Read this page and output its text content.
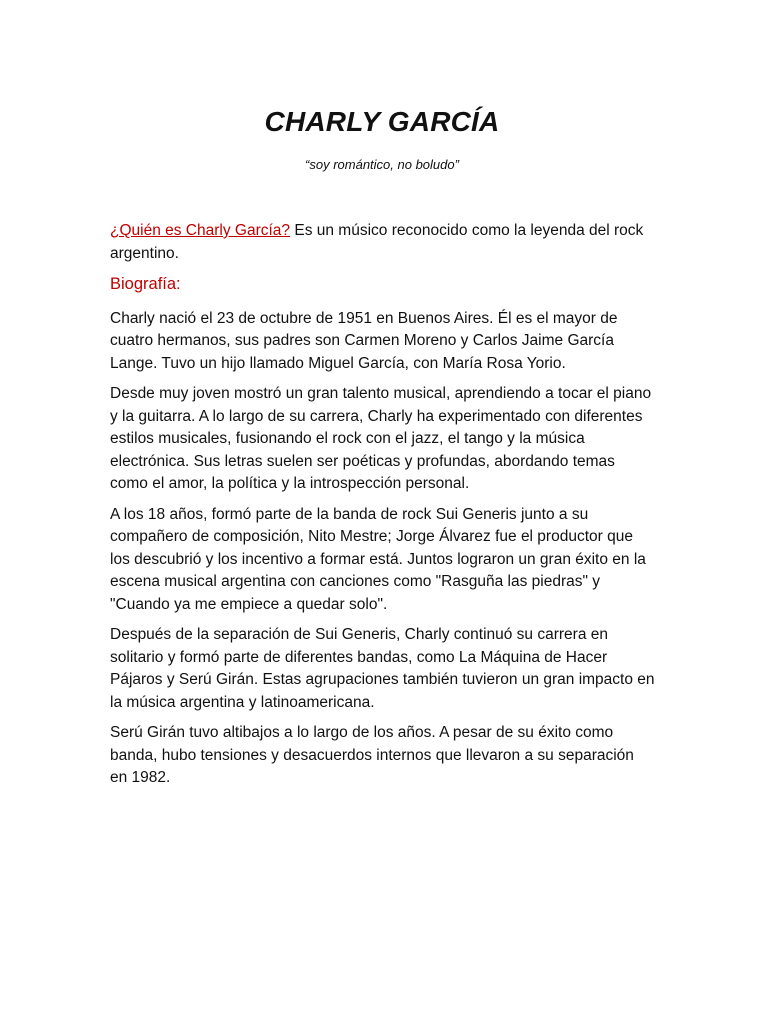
CHARLY GARCÍA
“soy romántico, no boludo”

¿Quién es Charly García? Es un músico reconocido como la leyenda del rock argentino.

Biografía:

Charly nació el 23 de octubre de 1951 en Buenos Aires. Él es el mayor de cuatro hermanos, sus padres son Carmen Moreno y Carlos Jaime García Lange. Tuvo un hijo llamado Miguel García, con María Rosa Yorio.

Desde muy joven mostró un gran talento musical, aprendiendo a tocar el piano y la guitarra. A lo largo de su carrera, Charly ha experimentado con diferentes estilos musicales, fusionando el rock con el jazz, el tango y la música electrónica. Sus letras suelen ser poéticas y profundas, abordando temas como el amor, la política y la introspección personal.

A los 18 años, formó parte de la banda de rock Sui Generis junto a su compañero de composición, Nito Mestre; Jorge Álvarez fue el productor que los descubrió y los incentivo a formar está. Juntos lograron un gran éxito en la escena musical argentina con canciones como "Rasguña las piedras" y "Cuando ya me empiece a quedar solo".

Después de la separación de Sui Generis, Charly continuó su carrera en solitario y formó parte de diferentes bandas, como La Máquina de Hacer Pájaros y Serú Girán. Estas agrupaciones también tuvieron un gran impacto en la música argentina y latinoamericana.

Serú Girán tuvo altibajos a lo largo de los años. A pesar de su éxito como banda, hubo tensiones y desacuerdos internos que llevaron a su separación en 1982.
